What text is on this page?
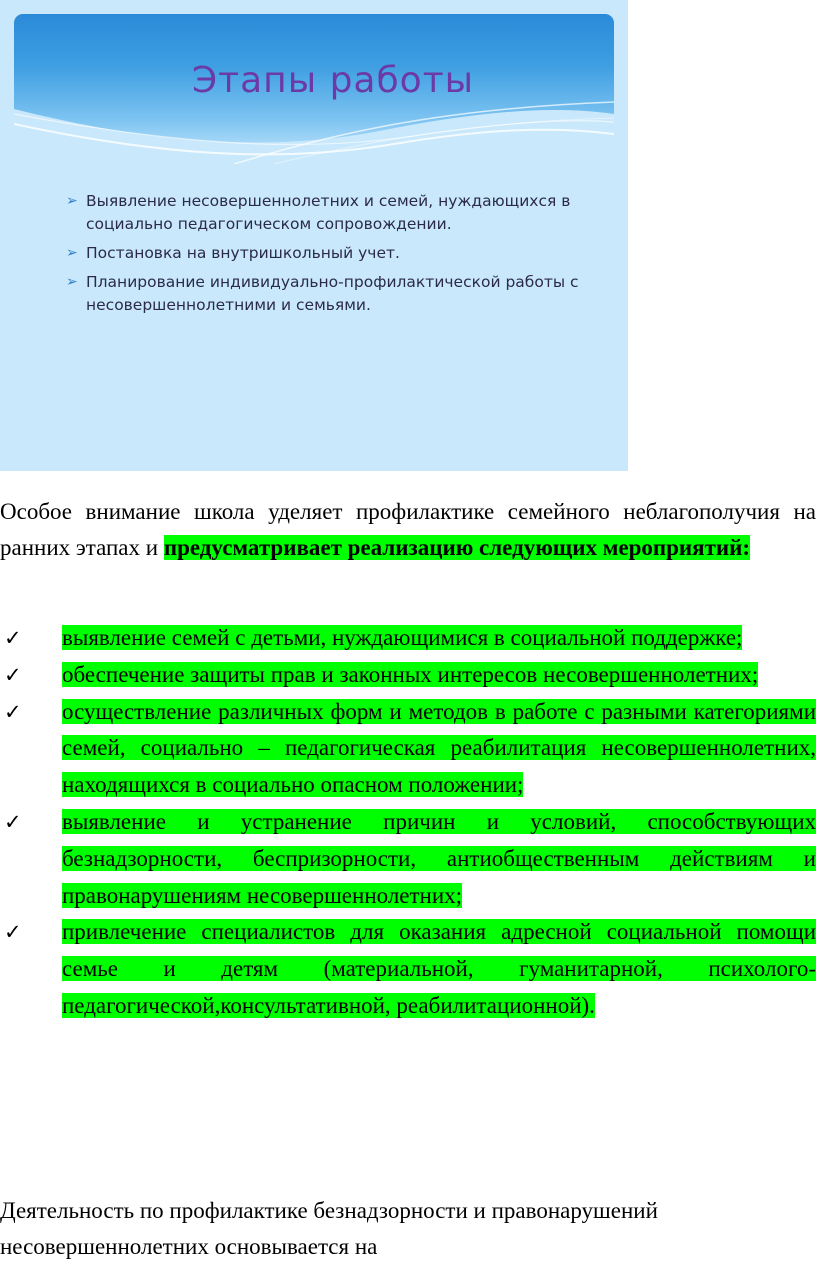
Этапы работы
➢ Выявление несовершеннолетних и семей, нуждающихся в социально педагогическом сопровождении.
➢ Постановка на внутришкольный учет.
➢ Планирование индивидуально-профилактической работы с несовершеннолетними и семьями.

Особое внимание школа уделяет профилактике семейного неблагополучия на ранних этапах и предусматривает реализацию следующих мероприятий:

✓ выявление семей с детьми, нуждающимися в социальной поддержке;
✓ обеспечение защиты прав и законных интересов несовершеннолетних;
✓ осуществление различных форм и методов в работе с разными категориями семей, социально – педагогическая реабилитация несовершеннолетних, находящихся в социально опасном положении;
✓ выявление и устранение причин и условий, способствующих безнадзорности, беспризорности, антиобщественным действиям и правонарушениям несовершеннолетних;
✓ привлечение специалистов для оказания адресной социальной помощи семье и детям (материальной, гуманитарной, психолого-педагогической,консультативной, реабилитационной).

Деятельность по профилактике безнадзорности и правонарушений несовершеннолетних основывается на
